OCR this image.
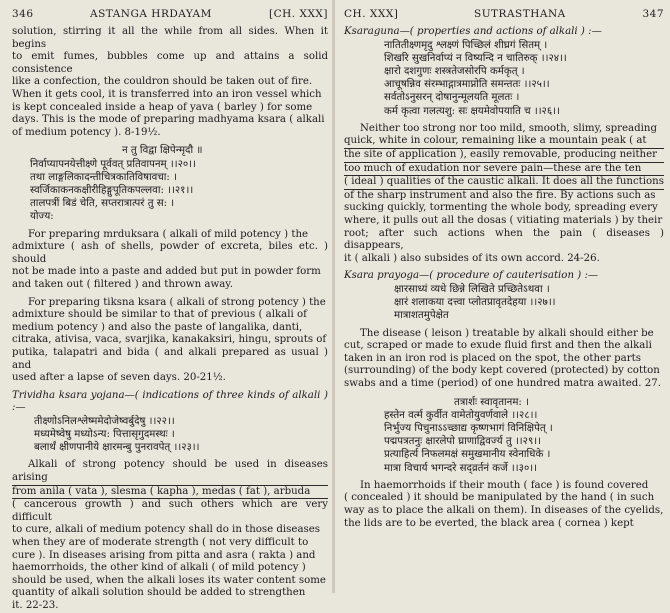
346	ASTANGA HRDAYAM	[CH. XXX]
solution, stirring it all the while from all sides. When it begins
to emit fumes, bubbles come up and attains a solid consistence
like a confection, the couldron should be taken out of fire.
When it gets cool, it is transferred into an iron vessel which
is kept concealed inside a heap of yava ( barley ) for some
days. This is the mode of preparing madhyama ksara ( alkali
of medium potency ). 8-19½.
न तु विद्वा क्षिपेन्मृदौ ॥
निर्वाप्यापनयेत्तीक्ष्णे पूर्ववत् प्रतिवापनम् ।।२०।।
तथा लाङ्गलिकादन्तीचित्रकातिविषावचा: ।
स्वर्जिकाकनकक्षीरीहिङ्गुपूतिकपल्लवा: ।।२१।।
तालपत्रीं बिडं चेति, सप्तरात्रात्परं तु स: ।
योज्य:
For preparing mrduksara ( alkali of mild potency ) the
admixture ( ash of shells, powder of excreta, biles etc. ) should
not be made into a paste and added but put in powder form
and taken out ( filtered ) and thrown away.
For preparing tiksna ksara ( alkali of strong potency ) the
admixture should be similar to that of previous ( alkali of
medium potency ) and also the paste of langalika, danti,
citraka, ativisa, vaca, svarjika, kanakaksiri, hingu, sprouts of
putika, talapatri and bida ( and alkali prepared as usual ) and
used after a lapse of seven days. 20-21½.
Trividha ksara yojana—( indications of three kinds of alkali ) :—
तीक्ष्णोऽनिलश्लेष्ममेदोजेष्वर्बुदेषु ।।२२।।
मध्यमेष्वेषु मध्योऽन्य: पित्तासृगुदमस्थः ।
बलार्थं क्षीणपानीये क्षारमन्बु पुनरावपेत् ।।२३।।
Alkali of strong potency should be used in diseases arising
from anila ( vata ), slesma ( kapha ), medas ( fat ), arbuda
( cancerous growth ) and such others which are very difficult
to cure, alkali of medium potency shall do in those diseases
when they are of moderate strength ( not very difficult to
cure ). In diseases arising from pitta and asra ( rakta ) and
haemorrhoids, the other kind of alkali ( of mild potency )
should be used, when the alkali loses its water content some
quantity of alkali solution should be added to strengthen
it. 22-23.
CH. XXX]	SUTRASTHANA	347
Ksaraguna—( properties and actions of alkali ) :—
नातितीक्ष्णमृदु श्लक्ष्णं पिच्छिलं शीघ्रगं सितम् ।
शिखरि सुखनिर्वाप्यं न विष्यन्दि न चातिरुक् ।।२४।।
क्षारो दशगुणः शस्त्रतेजसोरपि कर्मकृत् ।
आचूषन्निव संरम्भाद्गात्रमाप्नोति समन्ततः ।।२५।।
सर्वतोऽनुसरन् दोषानुन्मूलयति मूलतः ।
कर्म कृत्वा गलत्यशु: सः क्षयमेवोपयाति च ।।२६।।
Neither too strong nor too mild, smooth, slimy, spreading
quick, white in colour, remaining like a mountain peak ( at
the site of application ), easily removable, producing neither
too much of exudation nor severe pain—these are the ten
( ideal ) qualities of the caustic alkali. It does all the functions
of the sharp instrument and also the fire. By actions such as
sucking quickly, tormenting the whole body, spreading every
where, it pulls out all the dosas ( vitiating materials ) by their
root; after such actions when the pain ( diseases ) disappears,
it ( alkali ) also subsides of its own accord. 24-26.
Ksara prayoga—( procedure of cauterisation ) :—
क्षारसाध्यं व्यधे छिन्ने लिखिते प्रच्छितेऽथवा ।
क्षारं शलाकया दत्त्वा प्लोतप्रावृतदेहया ।।२७।।
मात्राशतमुपेक्षेत
The disease ( leison ) treatable by alkali should either be
cut, scraped or made to exude fluid first and then the alkali
taken in an iron rod is placed on the spot, the other parts
(surrounding) of the body kept covered (protected) by cotton
swabs and a time (period) of one hundred matra awaited. 27.
तत्रार्शः स्वावृतानम: ।
हस्तेन वर्त्म कुर्वीत वामेतोयुवर्णवाले ।।२८।।
निर्भुज्य पिचुनाऽऽच्छाद्य कृष्णभागं विनिक्षिपेत् ।
पद्मपत्रतनुः क्षारलेपो घ्राणाद्विवर्ज्य तु ।।२९।।
प्रत्याहिर्त्य निफलमक्षं समुखमानीय स्वेनाधिके ।
मात्रा विचार्य भगन्दरे सद्व्रर्तनं कर्जे ।।३०।।
In haemorrhoids if their mouth ( face ) is found covered
( concealed ) it should be manipulated by the hand ( in such
way as to place the alkali on them). In diseases of the cyelids,
the lids are to be everted, the black area ( cornea ) kept
